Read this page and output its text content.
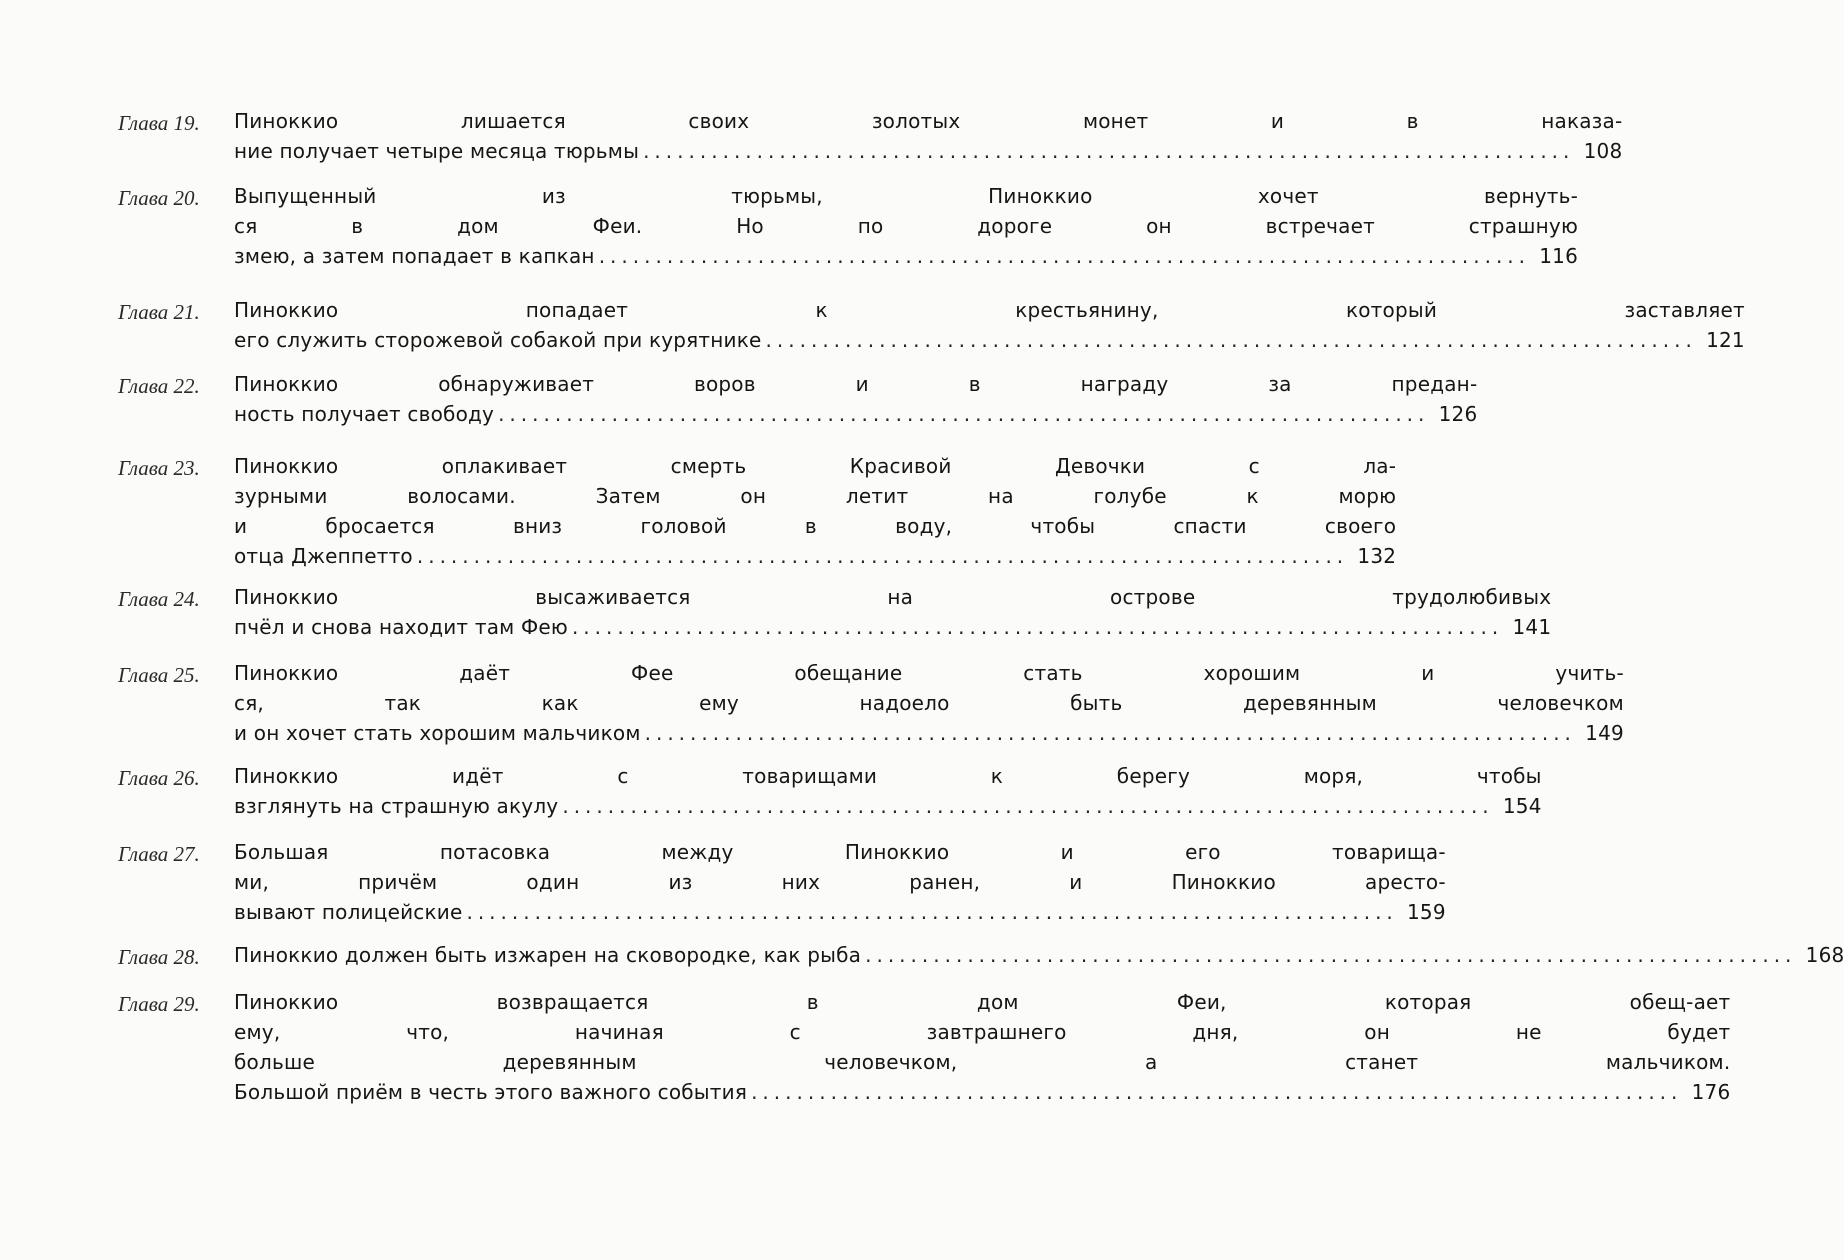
Глава 19.	Пиноккио лишается своих золотых монет и в наказа-
ние получает четыре месяца тюрьмы .................................................................................. 108
Глава 20.	Выпущенный из тюрьмы, Пиноккио хочет вернуть-
ся в дом Феи. Но по дороге он встречает страшную
змею, а затем попадает в капкан .................................................................................. 116
Глава 21.	Пиноккио попадает к крестьянину, который заставляет
его служить сторожевой собакой при курятнике .................................................................................. 121
Глава 22.	Пиноккио обнаруживает воров и в награду за предан-
ность получает свободу .................................................................................. 126
Глава 23.	Пиноккио оплакивает смерть Красивой Девочки с ла-
зурными волосами. Затем он летит на голубе к морю
и бросается вниз головой в воду, чтобы спасти своего
отца Джеппетто .................................................................................. 132
Глава 24.	Пиноккио высаживается на острове трудолюбивых
пчёл и снова находит там Фею .................................................................................. 141
Глава 25.	Пиноккио даёт Фее обещание стать хорошим и учить-
ся, так как ему надоело быть деревянным человечком
и он хочет стать хорошим мальчиком .................................................................................. 149
Глава 26.	Пиноккио идёт с товарищами к берегу моря, чтобы
взглянуть на страшную акулу .................................................................................. 154
Глава 27.	Большая потасовка между Пиноккио и его товарища-
ми, причём один из них ранен, и Пиноккио aресто-
вывают полицейские .................................................................................. 159
Глава 28.	Пиноккио должен быть изжарен на сковородке, как рыба .................................................................................. 168
Глава 29.	Пиноккио возвращается в дом Феи, которая обещ-ает
ему, что, начиная с завтрашнего дня, он не будет
больше деревянным человечком, а станет мальчиком.
Большой приём в честь этого важного события .................................................................................. 176
